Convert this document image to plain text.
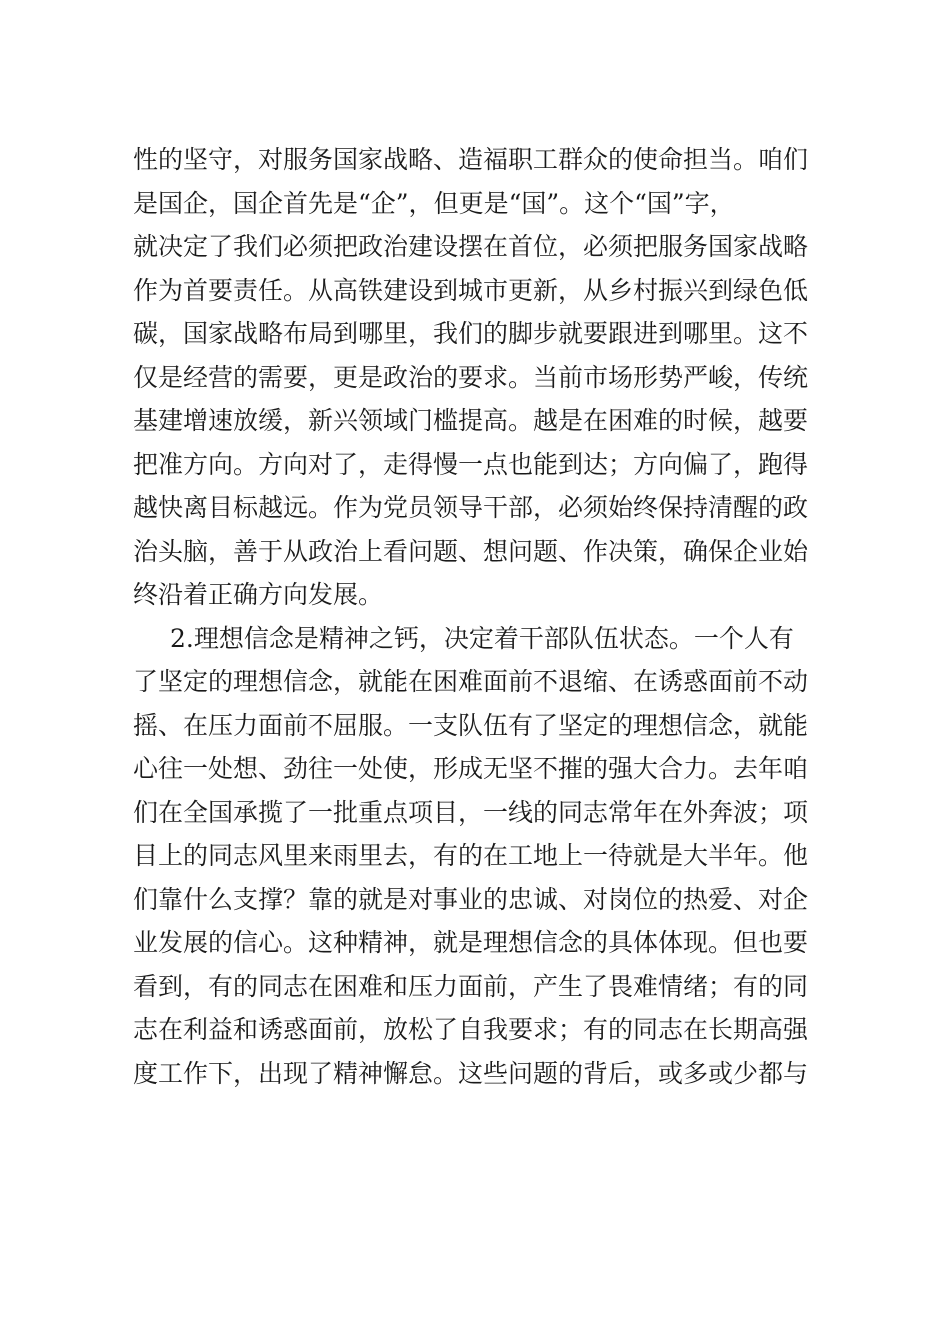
性的坚守，对服务国家战略、造福职工群众的使命担当。咱们
是国企，国企首先是“企”，但更是“国”。这个“国”字，
就决定了我们必须把政治建设摆在首位，必须把服务国家战略
作为首要责任。从高铁建设到城市更新，从乡村振兴到绿色低
碳，国家战略布局到哪里，我们的脚步就要跟进到哪里。这不
仅是经营的需要，更是政治的要求。当前市场形势严峻，传统
基建增速放缓，新兴领域门槛提高。越是在困难的时候，越要
把准方向。方向对了，走得慢一点也能到达；方向偏了，跑得
越快离目标越远。作为党员领导干部，必须始终保持清醒的政
治头脑，善于从政治上看问题、想问题、作决策，确保企业始
终沿着正确方向发展。
2.理想信念是精神之钙，决定着干部队伍状态。一个人有
了坚定的理想信念，就能在困难面前不退缩、在诱惑面前不动
摇、在压力面前不屈服。一支队伍有了坚定的理想信念，就能
心往一处想、劲往一处使，形成无坚不摧的强大合力。去年咱
们在全国承揽了一批重点项目，一线的同志常年在外奔波；项
目上的同志风里来雨里去，有的在工地上一待就是大半年。他
们靠什么支撑？靠的就是对事业的忠诚、对岗位的热爱、对企
业发展的信心。这种精神，就是理想信念的具体体现。但也要
看到，有的同志在困难和压力面前，产生了畏难情绪；有的同
志在利益和诱惑面前，放松了自我要求；有的同志在长期高强
度工作下，出现了精神懈怠。这些问题的背后，或多或少都与
